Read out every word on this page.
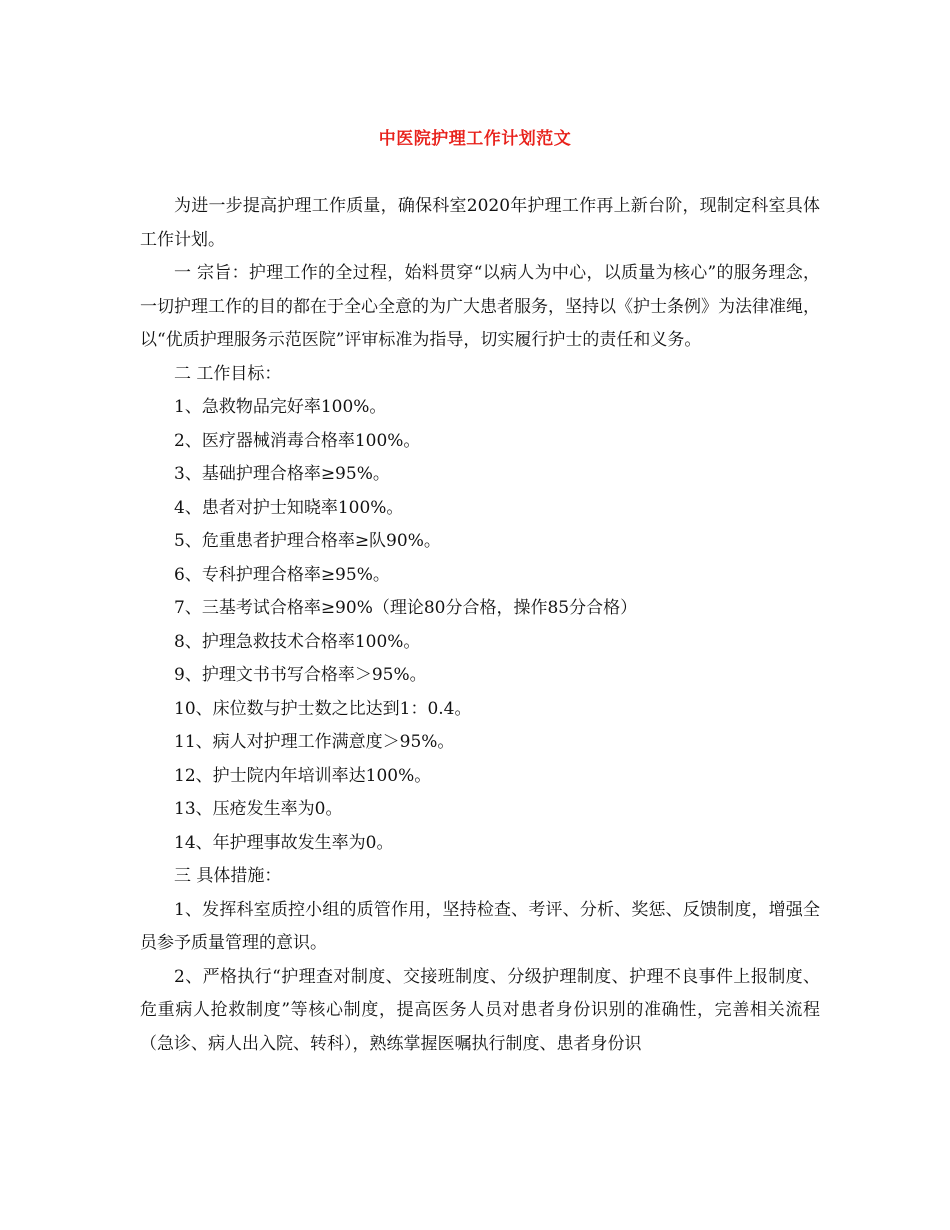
中医院护理工作计划范文

为进一步提高护理工作质量，确保科室2020年护理工作再上新台阶，现制定科室具体工作计划。

一 宗旨：护理工作的全过程，始料贯穿“以病人为中心，以质量为核心”的服务理念，一切护理工作的目的都在于全心全意的为广大患者服务，坚持以《护士条例》为法律准绳，以“优质护理服务示范医院”评审标准为指导，切实履行护士的责任和义务。

二 工作目标：

1、急救物品完好率100%。

2、医疗器械消毒合格率100%。

3、基础护理合格率≥95%。

4、患者对护士知晓率100%。

5、危重患者护理合格率≥队90%。

6、专科护理合格率≥95%。

7、三基考试合格率≥90%（理论80分合格，操作85分合格）

8、护理急救技术合格率100%。

9、护理文书书写合格率＞95%。

10、床位数与护士数之比达到1：0.4。

11、病人对护理工作满意度＞95%。

12、护士院内年培训率达100%。

13、压疮发生率为0。

14、年护理事故发生率为0。

三 具体措施：

1、发挥科室质控小组的质管作用，坚持检查、考评、分析、奖惩、反馈制度，增强全员参予质量管理的意识。

2、严格执行“护理查对制度、交接班制度、分级护理制度、护理不良事件上报制度、危重病人抢救制度”等核心制度，提高医务人员对患者身份识别的准确性，完善相关流程（急诊、病人出入院、转科），熟练掌握医嘱执行制度、患者身份识
